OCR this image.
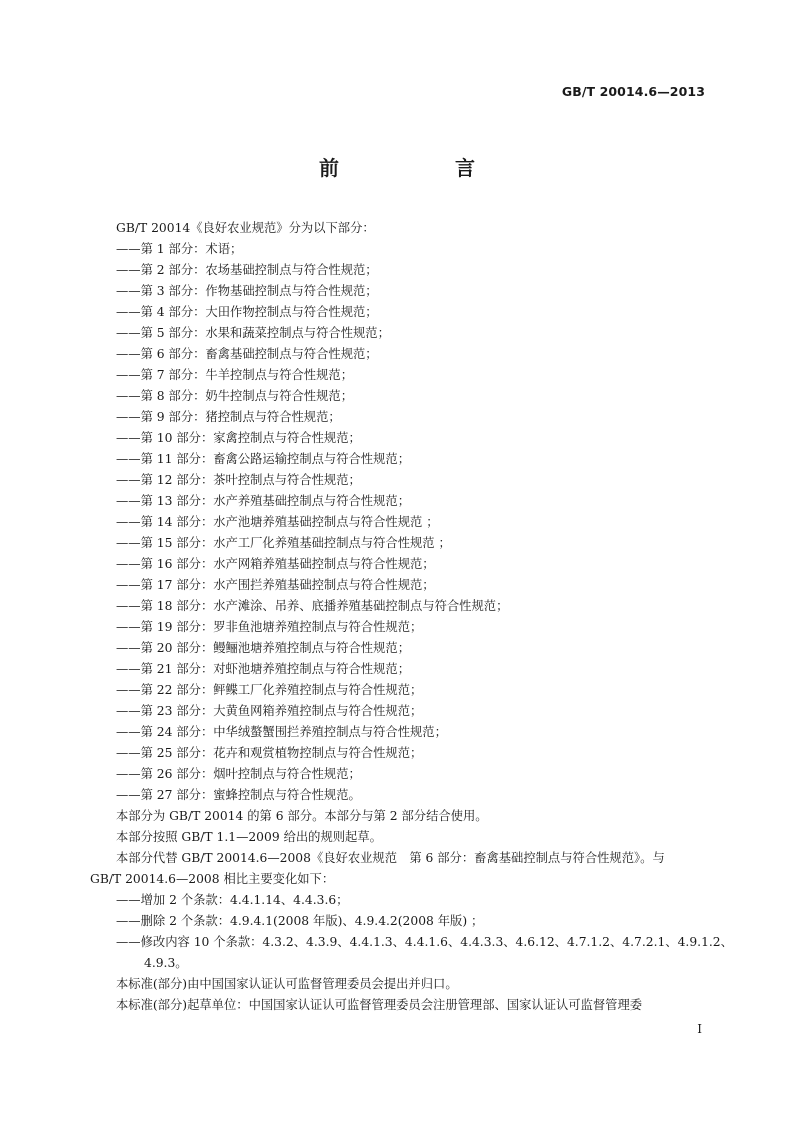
GB/T 20014.6—2013
前　言
GB/T 20014《良好农业规范》分为以下部分：
——第 1 部分：术语；
——第 2 部分：农场基础控制点与符合性规范；
——第 3 部分：作物基础控制点与符合性规范；
——第 4 部分：大田作物控制点与符合性规范；
——第 5 部分：水果和蔬菜控制点与符合性规范；
——第 6 部分：畜禽基础控制点与符合性规范；
——第 7 部分：牛羊控制点与符合性规范；
——第 8 部分：奶牛控制点与符合性规范；
——第 9 部分：猪控制点与符合性规范；
——第 10 部分：家禽控制点与符合性规范；
——第 11 部分：畜禽公路运输控制点与符合性规范；
——第 12 部分：茶叶控制点与符合性规范；
——第 13 部分：水产养殖基础控制点与符合性规范；
——第 14 部分：水产池塘养殖基础控制点与符合性规范 ；
——第 15 部分：水产工厂化养殖基础控制点与符合性规范 ；
——第 16 部分：水产网箱养殖基础控制点与符合性规范；
——第 17 部分：水产围拦养殖基础控制点与符合性规范；
——第 18 部分：水产滩涂、吊养、底播养殖基础控制点与符合性规范；
——第 19 部分：罗非鱼池塘养殖控制点与符合性规范；
——第 20 部分：鳗鲡池塘养殖控制点与符合性规范；
——第 21 部分：对虾池塘养殖控制点与符合性规范；
——第 22 部分：鲆鲽工厂化养殖控制点与符合性规范；
——第 23 部分：大黄鱼网箱养殖控制点与符合性规范；
——第 24 部分：中华绒螯蟹围拦养殖控制点与符合性规范；
——第 25 部分：花卉和观赏植物控制点与符合性规范；
——第 26 部分：烟叶控制点与符合性规范；
——第 27 部分：蜜蜂控制点与符合性规范。
本部分为 GB/T 20014 的第 6 部分。本部分与第 2 部分结合使用。
本部分按照 GB/T 1.1—2009 给出的规则起草。
本部分代替 GB/T 20014.6—2008《良好农业规范　第 6 部分：畜禽基础控制点与符合性规范》。与
GB/T 20014.6—2008 相比主要变化如下：
——增加 2 个条款：4.4.1.14、4.4.3.6；
——删除 2 个条款：4.9.4.1(2008 年版)、4.9.4.2(2008 年版) ；
——修改内容 10 个条款：4.3.2、4.3.9、4.4.1.3、4.4.1.6、4.4.3.3、4.6.12、4.7.1.2、4.7.2.1、4.9.1.2、
4.9.3。
本标准(部分)由中国国家认证认可监督管理委员会提出并归口。
本标准(部分)起草单位：中国国家认证认可监督管理委员会注册管理部、国家认证认可监督管理委
I
